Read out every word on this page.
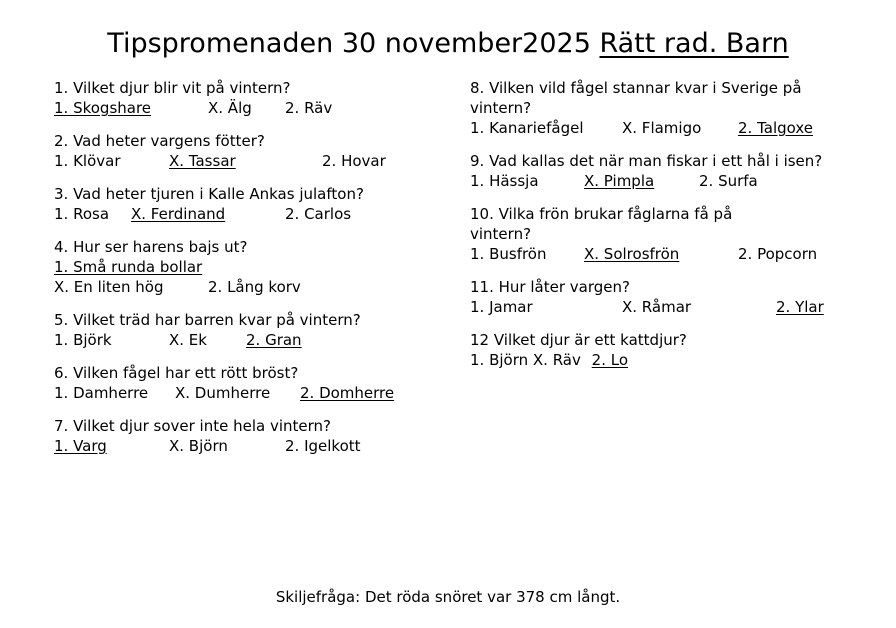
Tipspromenaden 30 november2025 Rätt rad. Barn
1. Vilket djur blir vit på vintern?
1. Skogshare	X. Älg 2. Räv
2. Vad heter vargens fötter?
1. Klövar	X. Tassar	2. Hovar
3. Vad heter tjuren i Kalle Ankas julafton?
1. Rosa X. Ferdinand	2. Carlos
4. Hur ser harens bajs ut?
1. Små runda bollar
X. En liten hög	2. Lång korv
5. Vilket träd har barren kvar på vintern?
1. Björk	X. Ek	2. Gran
6. Vilken fågel har ett rött bröst?
1. Damherre X. Dumherre 2. Domherre
7. Vilket djur sover inte hela vintern?
1. Varg	X. Björn	2. Igelkott
8. Vilken vild fågel stannar kvar i Sverige på vintern?
1. Kanariefågel	X. Flamigo 2. Talgoxe
9. Vad kallas det när man fiskar i ett hål i isen?
1. Hässja	X. Pimpla	2. Surfa
10. Vilka frön brukar fåglarna få på vintern?
1. Busfrön	X. Solrosfrön	2. Popcorn
11. Hur låter vargen?
1. Jamar	X. Råmar	2. Ylar
12 Vilket djur är ett kattdjur?
1. Björn X. Räv 2. Lo
Skiljefråga: Det röda snöret var 378 cm långt.
